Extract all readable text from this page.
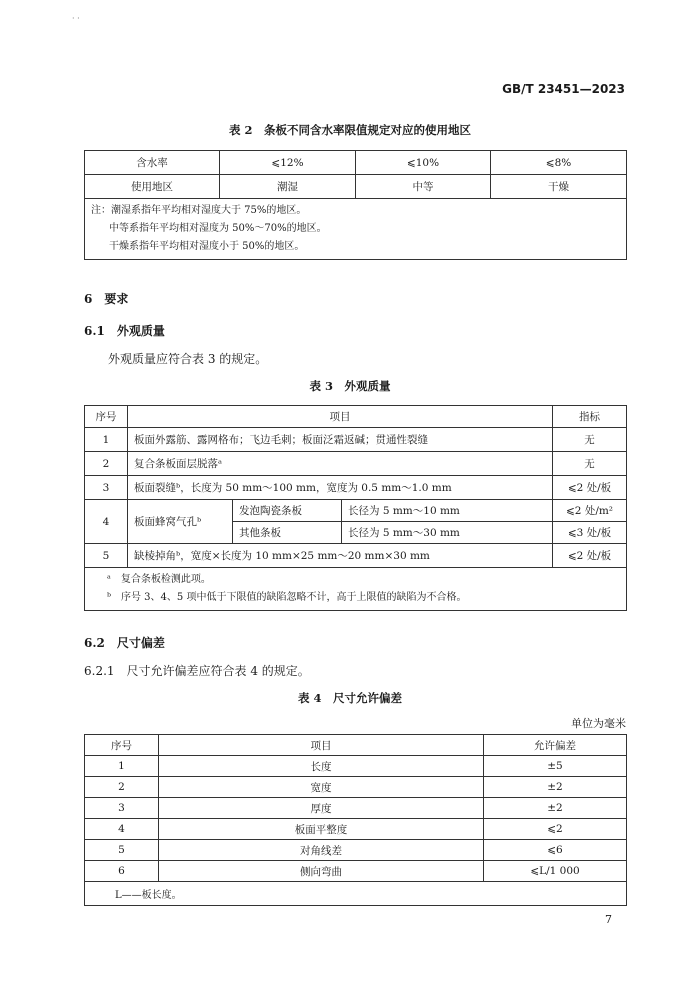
· ·
GB/T 23451—2023
表 2　条板不同含水率限值规定对应的使用地区
含水率	⩽12%	⩽10%	⩽8%
使用地区	潮湿	中等	干燥

注：潮湿系指年平均相对湿度大于 75%的地区。
中等系指年平均相对湿度为 50%～70%的地区。
干燥系指年平均相对湿度小于 50%的地区。			
6　要求
6.1　外观质量
外观质量应符合表 3 的规定。
表 3　外观质量
序号	项目			指标
1	板面外露筋、露网格布；飞边毛刺；板面泛霜返碱；贯通性裂缝			无
2	复合条板面层脱落ᵃ			无
3	板面裂缝ᵇ，长度为 50 mm～100 mm，宽度为 0.5 mm～1.0 mm			⩽2 处/板
4	板面蜂窝气孔ᵇ	发泡陶瓷条板	长径为 5 mm～10 mm	⩽2 处/m²
		其他条板	长径为 5 mm～30 mm	⩽3 处/板
5	缺棱掉角ᵇ，宽度×长度为 10 mm×25 mm～20 mm×30 mm			⩽2 处/板

ᵃ　复合条板检测此项。
ᵇ　序号 3、4、5 项中低于下限值的缺陷忽略不计，高于上限值的缺陷为不合格。				
6.2　尺寸偏差
6.2.1　尺寸允许偏差应符合表 4 的规定。
表 4　尺寸允许偏差
单位为毫米
序号	项目	允许偏差
1	长度	±5
2	宽度	±2
3	厚度	±2
4	板面平整度	⩽2
5	对角线差	⩽6
6	侧向弯曲	⩽L/1 000
L——板长度。		
7
